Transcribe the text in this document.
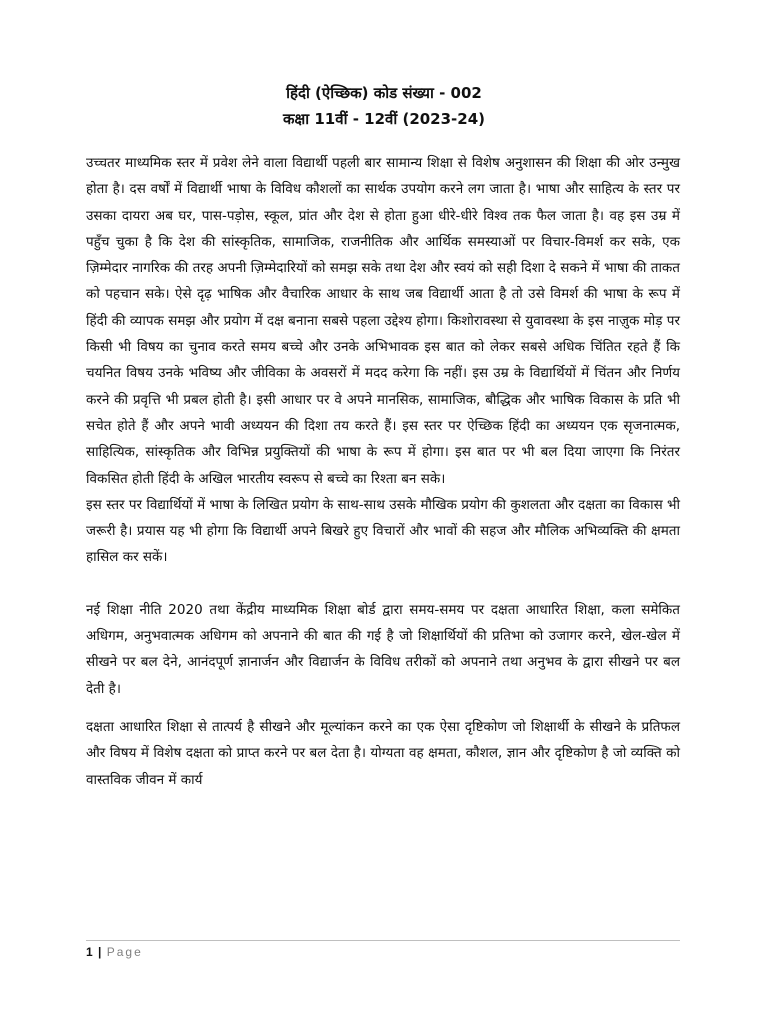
हिंदी (ऐच्छिक) कोड संख्या - 002
कक्षा 11वीं - 12वीं (2023-24)

उच्चतर माध्यमिक स्तर में प्रवेश लेने वाला विद्यार्थी पहली बार सामान्य शिक्षा से विशेष अनुशासन की शिक्षा की ओर उन्मुख होता है। दस वर्षों में विद्यार्थी भाषा के विविध कौशलों का सार्थक उपयोग करने लग जाता है। भाषा और साहित्य के स्तर पर उसका दायरा अब घर, पास-पड़ोस, स्कूल, प्रांत और देश से होता हुआ धीरे-धीरे विश्व तक फैल जाता है। वह इस उम्र में पहुँच चुका है कि देश की सांस्कृतिक, सामाजिक, राजनीतिक और आर्थिक समस्याओं पर विचार-विमर्श कर सके, एक ज़िम्मेदार नागरिक की तरह अपनी ज़िम्मेदारियों को समझ सके तथा देश और स्वयं को सही दिशा दे सकने में भाषा की ताकत को पहचान सके। ऐसे दृढ़ भाषिक और वैचारिक आधार के साथ जब विद्यार्थी आता है तो उसे विमर्श की भाषा के रूप में हिंदी की व्यापक समझ और प्रयोग में दक्ष बनाना सबसे पहला उद्देश्य होगा। किशोरावस्था से युवावस्था के इस नाज़ुक मोड़ पर किसी भी विषय का चुनाव करते समय बच्चे और उनके अभिभावक इस बात को लेकर सबसे अधिक चिंतित रहते हैं कि चयनित विषय उनके भविष्य और जीविका के अवसरों में मदद करेगा कि नहीं। इस उम्र के विद्यार्थियों में चिंतन और निर्णय करने की प्रवृत्ति भी प्रबल होती है। इसी आधार पर वे अपने मानसिक, सामाजिक, बौद्धिक और भाषिक विकास के प्रति भी सचेत होते हैं और अपने भावी अध्ययन की दिशा तय करते हैं। इस स्तर पर ऐच्छिक हिंदी का अध्ययन एक सृजनात्मक, साहित्यिक, सांस्कृतिक और विभिन्न प्रयुक्तियों की भाषा के रूप में होगा। इस बात पर भी बल दिया जाएगा कि निरंतर विकसित होती हिंदी के अखिल भारतीय स्वरूप से बच्चे का रिश्ता बन सके।

इस स्तर पर विद्यार्थियों में भाषा के लिखित प्रयोग के साथ-साथ उसके मौखिक प्रयोग की कुशलता और दक्षता का विकास भी जरूरी है। प्रयास यह भी होगा कि विद्यार्थी अपने बिखरे हुए विचारों और भावों की सहज और मौलिक अभिव्यक्ति की क्षमता हासिल कर सकें।

नई शिक्षा नीति 2020 तथा केंद्रीय माध्यमिक शिक्षा बोर्ड द्वारा समय-समय पर दक्षता आधारित शिक्षा, कला समेकित अधिगम, अनुभवात्मक अधिगम को अपनाने की बात की गई है जो शिक्षार्थियों की प्रतिभा को उजागर करने, खेल-खेल में सीखने पर बल देने, आनंदपूर्ण ज्ञानार्जन और विद्यार्जन के विविध तरीकों को अपनाने तथा अनुभव के द्वारा सीखने पर बल देती है।

दक्षता आधारित शिक्षा से तात्पर्य है सीखने और मूल्यांकन करने का एक ऐसा दृष्टिकोण जो शिक्षार्थी के सीखने के प्रतिफल और विषय में विशेष दक्षता को प्राप्त करने पर बल देता है। योग्यता वह क्षमता, कौशल, ज्ञान और दृष्टिकोण है जो व्यक्ति को वास्तविक जीवन में कार्य

1 | Page
